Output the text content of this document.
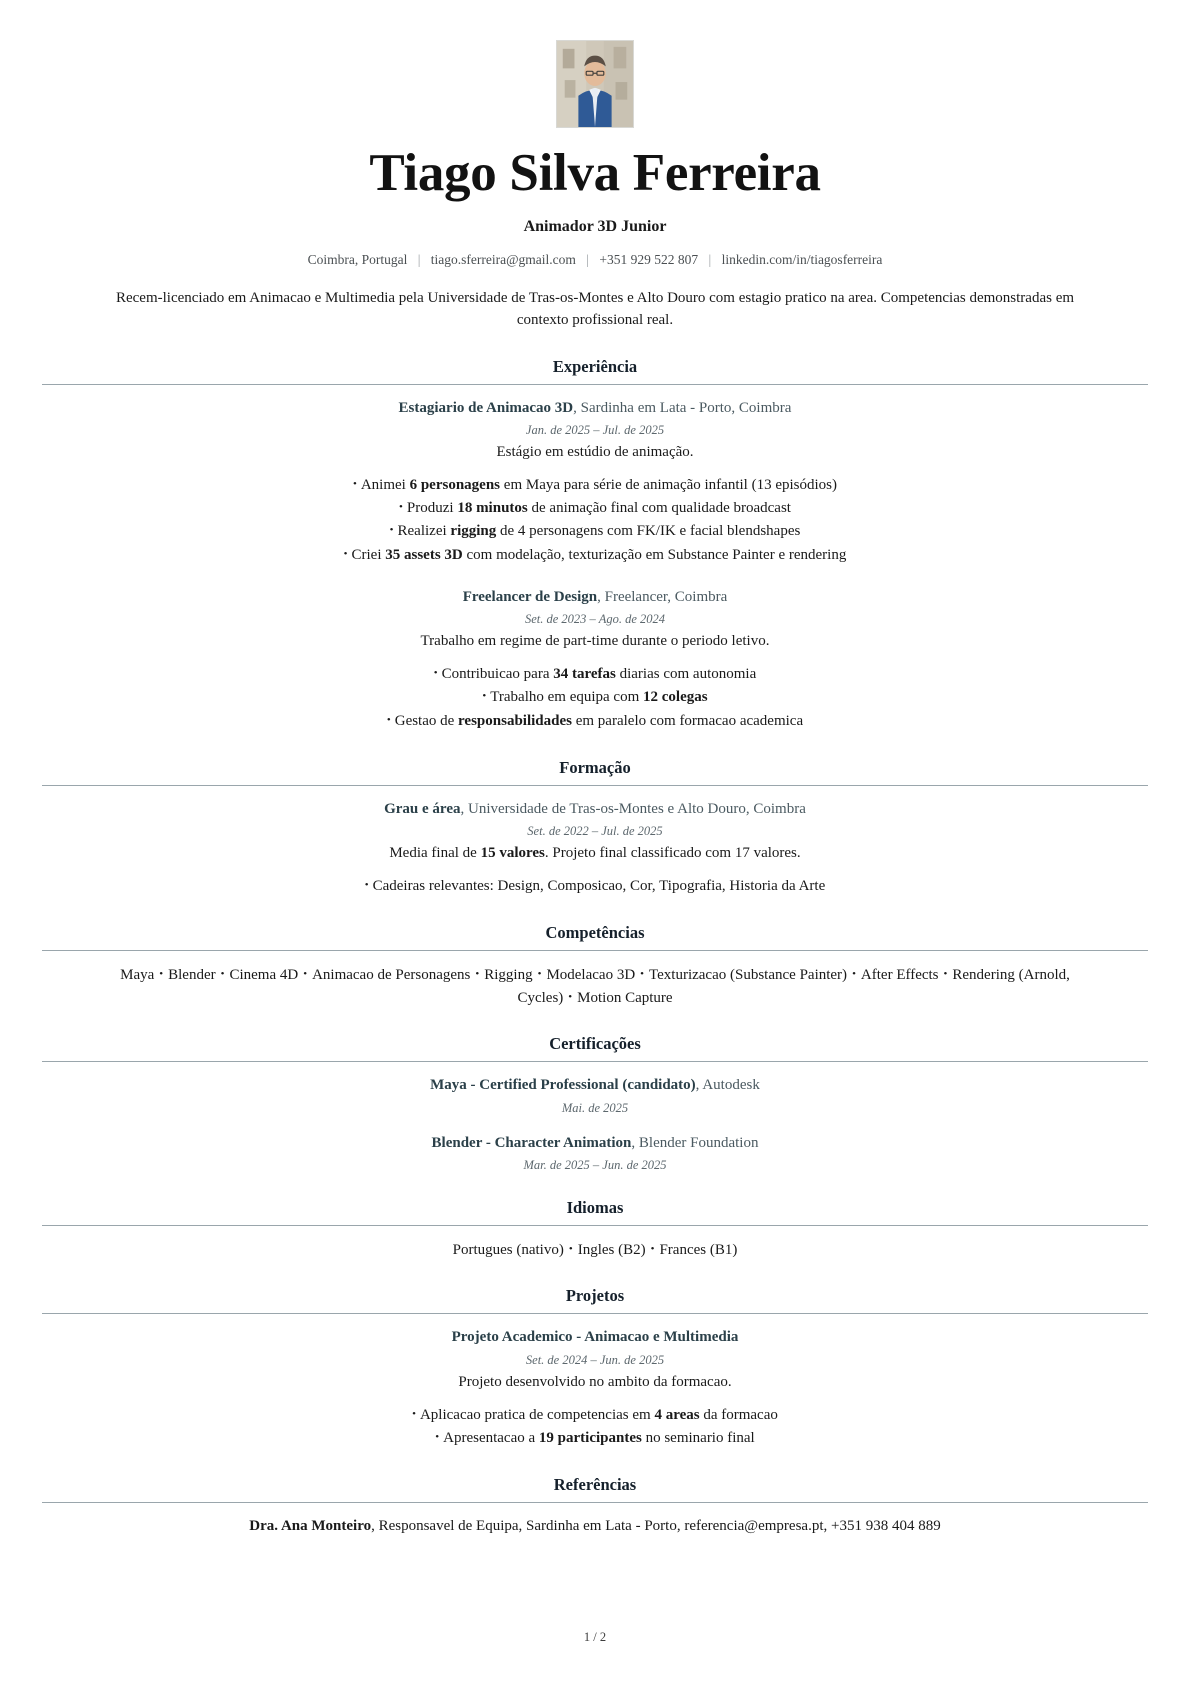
Tiago Silva Ferreira
Animador 3D Junior
Coimbra, Portugal | tiago.sferreira@gmail.com | +351 929 522 807 | linkedin.com/in/tiagosferreira

Recem-licenciado em Animacao e Multimedia pela Universidade de Tras-os-Montes e Alto Douro com estagio pratico na area. Competencias demonstradas em contexto profissional real.

Experiência
Estagiario de Animacao 3D, Sardinha em Lata - Porto, Coimbra
Jan. de 2025 – Jul. de 2025
Estágio em estúdio de animação.
• Animei 6 personagens em Maya para série de animação infantil (13 episódios)
• Produzi 18 minutos de animação final com qualidade broadcast
• Realizei rigging de 4 personagens com FK/IK e facial blendshapes
• Criei 35 assets 3D com modelação, texturização em Substance Painter e rendering
Freelancer de Design, Freelancer, Coimbra
Set. de 2023 – Ago. de 2024
Trabalho em regime de part-time durante o periodo letivo.
• Contribuicao para 34 tarefas diarias com autonomia
• Trabalho em equipa com 12 colegas
• Gestao de responsabilidades em paralelo com formacao academica
Formação
Grau e área, Universidade de Tras-os-Montes e Alto Douro, Coimbra
Set. de 2022 – Jul. de 2025
Media final de 15 valores. Projeto final classificado com 17 valores.
• Cadeiras relevantes: Design, Composicao, Cor, Tipografia, Historia da Arte
Competências
Maya • Blender • Cinema 4D • Animacao de Personagens • Rigging • Modelacao 3D • Texturizacao (Substance Painter) • After Effects • Rendering (Arnold, Cycles) • Motion Capture
Certificações
Maya - Certified Professional (candidato), Autodesk
Mai. de 2025
Blender - Character Animation, Blender Foundation
Mar. de 2025 – Jun. de 2025
Idiomas
Portugues (nativo) • Ingles (B2) • Frances (B1)
Projetos
Projeto Academico - Animacao e Multimedia
Set. de 2024 – Jun. de 2025
Projeto desenvolvido no ambito da formacao.
• Aplicacao pratica de competencias em 4 areas da formacao
• Apresentacao a 19 participantes no seminario final
Referências
Dra. Ana Monteiro, Responsavel de Equipa, Sardinha em Lata - Porto, referencia@empresa.pt, +351 938 404 889
1 / 2
